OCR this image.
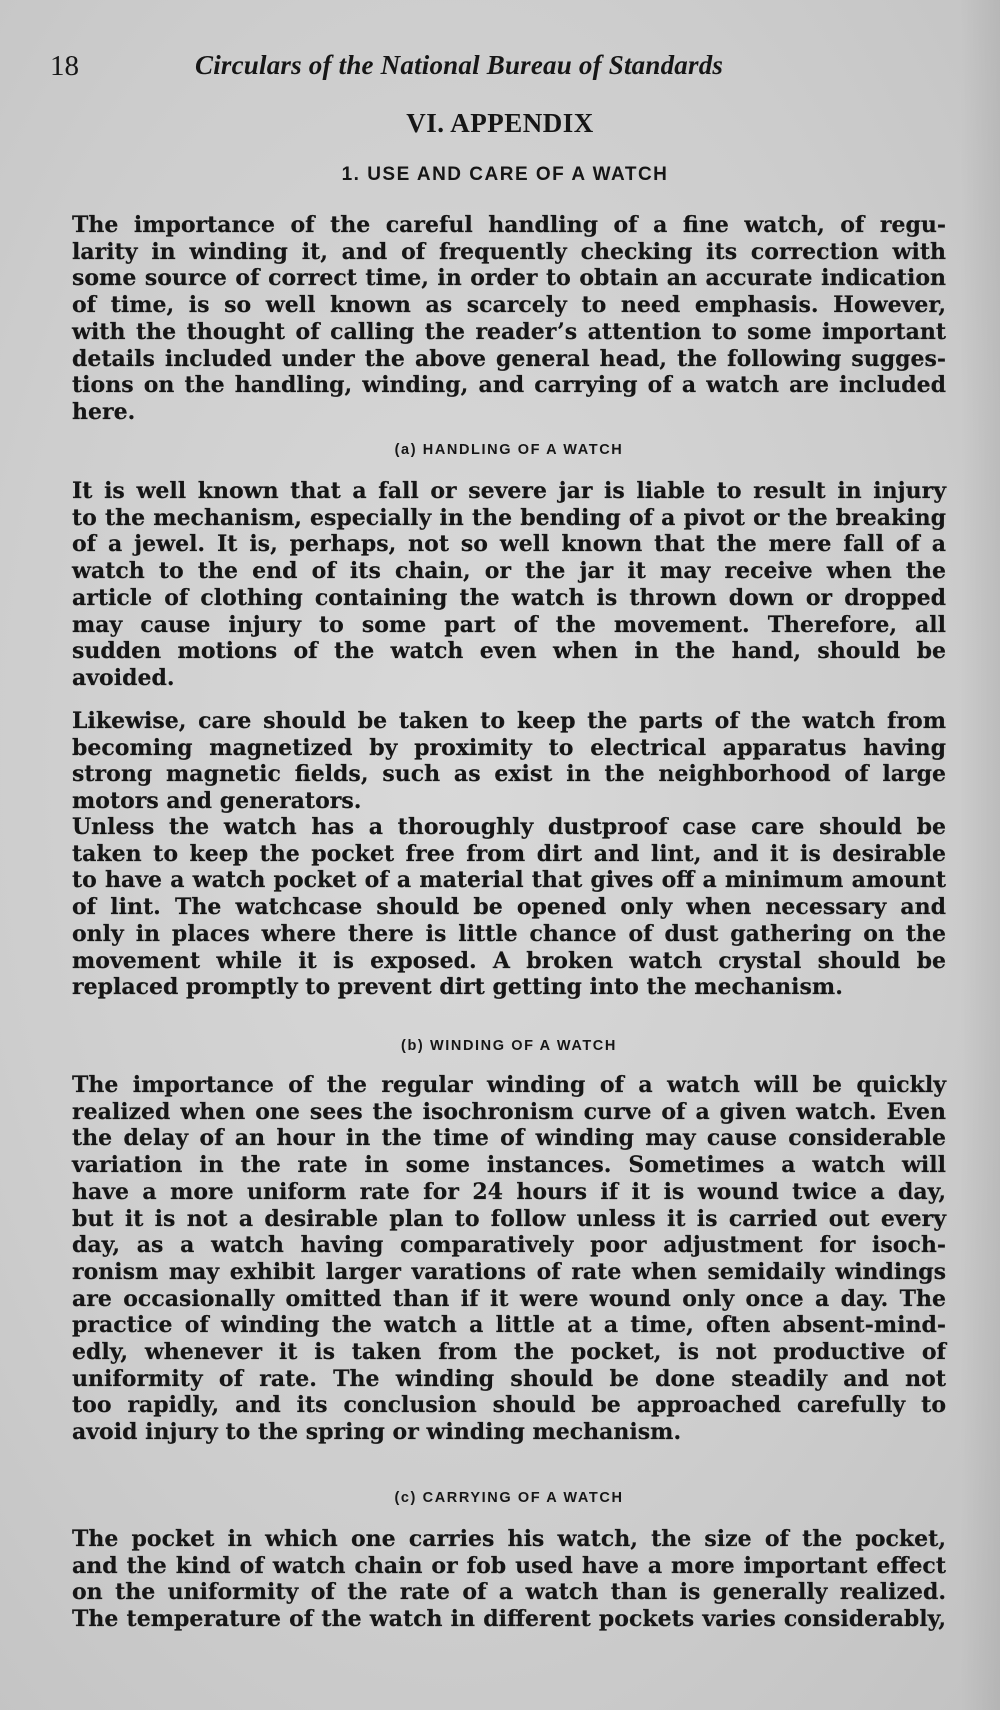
18	Circulars of the National Bureau of Standards
VI. APPENDIX
1. USE AND CARE OF A WATCH
The importance of the careful handling of a fine watch, of regu-
larity in winding it, and of frequently checking its correction with
some source of correct time, in order to obtain an accurate indication
of time, is so well known as scarcely to need emphasis. However,
with the thought of calling the reader’s attention to some important
details included under the above general head, the following sugges-
tions on the handling, winding, and carrying of a watch are included
here.
(a) HANDLING OF A WATCH
It is well known that a fall or severe jar is liable to result in injury
to the mechanism, especially in the bending of a pivot or the breaking
of a jewel. It is, perhaps, not so well known that the mere fall of a
watch to the end of its chain, or the jar it may receive when the
article of clothing containing the watch is thrown down or dropped
may cause injury to some part of the movement. Therefore, all
sudden motions of the watch even when in the hand, should be
avoided.
Likewise, care should be taken to keep the parts of the watch from
becoming magnetized by proximity to electrical apparatus having
strong magnetic fields, such as exist in the neighborhood of large
motors and generators.
Unless the watch has a thoroughly dustproof case care should be
taken to keep the pocket free from dirt and lint, and it is desirable
to have a watch pocket of a material that gives off a minimum amount
of lint. The watchcase should be opened only when necessary and
only in places where there is little chance of dust gathering on the
movement while it is exposed. A broken watch crystal should be
replaced promptly to prevent dirt getting into the mechanism.
(b) WINDING OF A WATCH
The importance of the regular winding of a watch will be quickly
realized when one sees the isochronism curve of a given watch. Even
the delay of an hour in the time of winding may cause considerable
variation in the rate in some instances. Sometimes a watch will
have a more uniform rate for 24 hours if it is wound twice a day,
but it is not a desirable plan to follow unless it is carried out every
day, as a watch having comparatively poor adjustment for isoch-
ronism may exhibit larger varations of rate when semidaily windings
are occasionally omitted than if it were wound only once a day. The
practice of winding the watch a little at a time, often absent-mind-
edly, whenever it is taken from the pocket, is not productive of
uniformity of rate. The winding should be done steadily and not
too rapidly, and its conclusion should be approached carefully to
avoid injury to the spring or winding mechanism.
(c) CARRYING OF A WATCH
The pocket in which one carries his watch, the size of the pocket,
and the kind of watch chain or fob used have a more important effect
on the uniformity of the rate of a watch than is generally realized.
The temperature of the watch in different pockets varies considerably,
